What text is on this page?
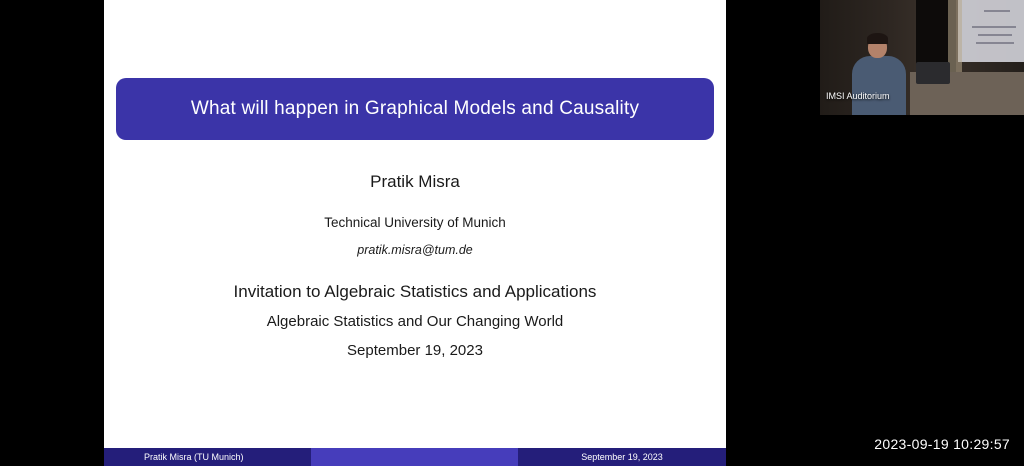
What will happen in Graphical Models and Causality
Pratik Misra
Technical University of Munich
pratik.misra@tum.de
Invitation to Algebraic Statistics and Applications
Algebraic Statistics and Our Changing World
September 19, 2023
Pratik Misra (TU Munich)	September 19, 2023
IMSI Auditorium
2023-09-19 10:29:57
